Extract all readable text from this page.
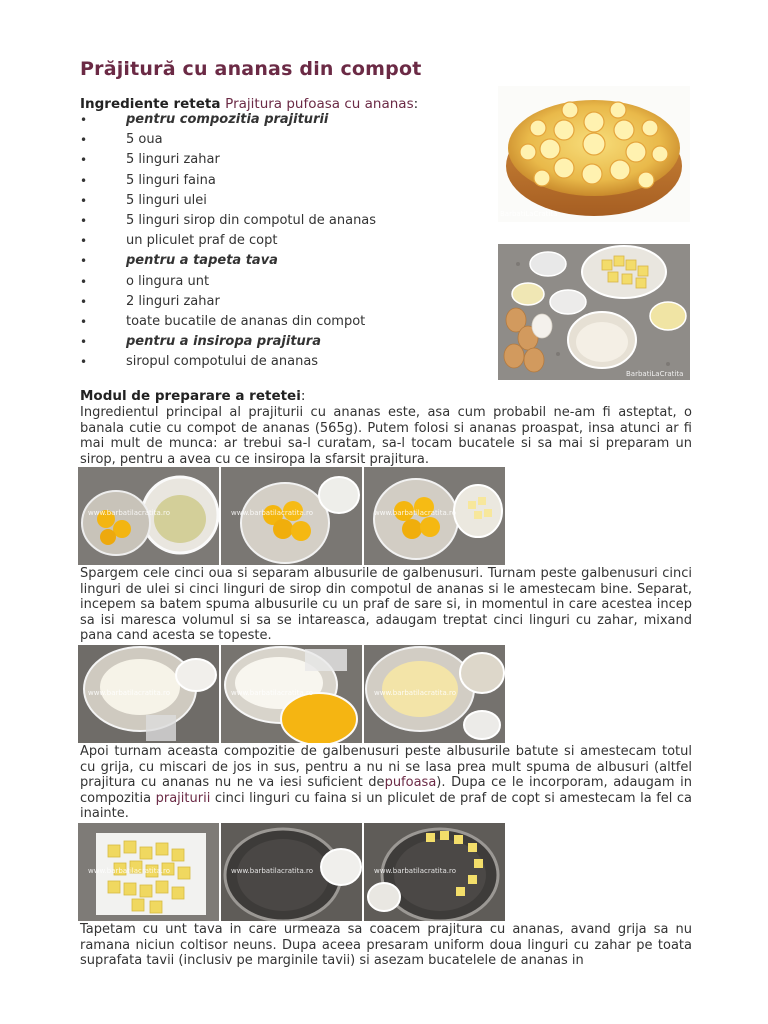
Prăjitură cu ananas din compot
Ingrediente reteta Prajitura pufoasa cu ananas:
•	pentru compozitia prajiturii
•	5 oua
•	5 linguri zahar
•	5 linguri faina
•	5 linguri ulei
•	5 linguri sirop din compotul de ananas
•	un pliculet praf de copt
•	pentru a tapeta tava
•	o lingura unt
•	2 linguri zahar
•	toate bucatile de ananas din compot
•	pentru a insiropa prajitura
•	siropul compotului de ananas
BarbatiLaCratita
BarbatiLaCratita
Modul de preparare a retetei:

Ingredientul principal al prajiturii cu ananas este, asa cum probabil ne-am fi asteptat, o banala cutie cu compot de ananas (565g). Putem folosi si ananas proaspat, insa atunci ar fi mai mult de munca: ar trebui sa-l curatam, sa-l tocam bucatele si sa mai si preparam un sirop, pentru a avea cu ce insiropa la sfarsit prajitura.

www.barbatilacratita.ro	www.barbatilacratita.ro	www.barbatilacratita.ro

Spargem cele cinci oua si separam albusurile de galbenusuri. Turnam peste galbenusuri cinci linguri de ulei si cinci linguri de sirop din compotul de ananas si le amestecam bine. Separat, incepem sa batem spuma albusurile cu un praf de sare si, in momentul in care acestea incep sa isi maresca volumul si sa se intareasca, adaugam treptat cinci linguri cu zahar, mixand pana cand acesta se topeste.

www.barbatilacratita.ro	www.barbatilacratita.ro	www.barbatilacratita.ro

Apoi turnam aceasta compozitie de galbenusuri peste albusurile batute si amestecam totul cu grija, cu miscari de jos in sus, pentru a nu ni se lasa prea mult spuma de albusuri (altfel prajitura cu ananas nu ne va iesi suficient depufoasa). Dupa ce le incorporam, adaugam in compozitia prajiturii cinci linguri cu faina si un pliculet de praf de copt si amestecam la fel ca inainte.

www.barbatilacratita.ro	www.barbatilacratita.ro	www.barbatilacratita.ro

Tapetam cu unt tava in care urmeaza sa coacem prajitura cu ananas, avand grija sa nu ramana niciun coltisor neuns. Dupa aceea presaram uniform doua linguri cu zahar pe toata suprafata tavii (inclusiv pe marginile tavii) si asezam bucatelele de ananas in
